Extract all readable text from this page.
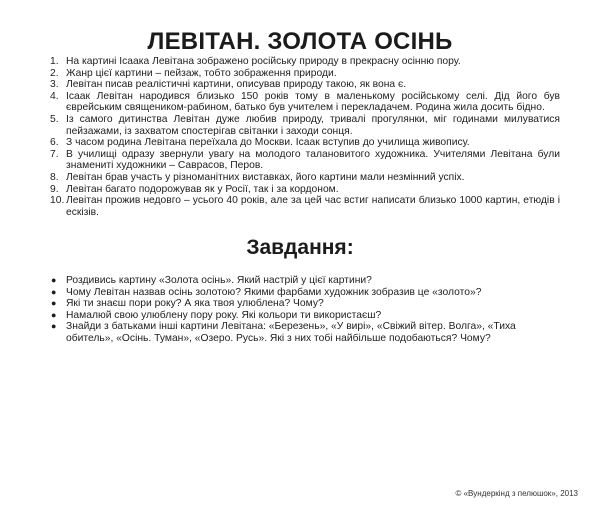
ЛЕВІТАН. ЗОЛОТА ОСІНЬ
1. На картині Ісаака Левітана зображено російську природу в прекрасну осінню пору.
2. Жанр цієї картини – пейзаж, тобто зображення природи.
3. Левітан писав реалістичні картини, описував природу такою, як вона є.
4. Ісаак Левітан народився близько 150 років тому в маленькому російському селі. Дід його був єврейським священиком-рабином, батько був учителем і перекладачем. Родина жила досить бідно.
5. Із самого дитинства Левітан дуже любив природу, тривалі прогулянки, міг годинами милуватися пейзажами, із захватом спостерігав світанки і заходи сонця.
6. З часом родина Левітана переїхала до Москви. Ісаак вступив до училища живопису.
7. В училищі одразу звернули увагу на молодого талановитого художника. Учителями Левітана були знамениті художники – Саврасов, Перов.
8. Левітан брав участь у різноманітних виставках, його картини мали незмінний успіх.
9. Левітан багато подорожував як у Росії, так і за кордоном.
10. Левітан прожив недовго – усього 40 років, але за цей час встиг написати близько 1000 картин, етюдів і ескізів.
Завдання:
● Роздивись картину «Золота осінь». Який настрій у цієї картини?
● Чому Левітан назвав осінь золотою? Якими фарбами художник зобразив це «золото»?
● Які ти знаєш пори року? А яка твоя улюблена? Чому?
● Намалюй свою улюблену пору року. Які кольори ти використаєш?
● Знайди з батьками інші картини Левітана: «Березень», «У вирі», «Свіжий вітер. Волга», «Тиха обитель», «Осінь. Туман», «Озеро. Русь». Які з них тобі найбільше подобаються? Чому?
© «Вундеркінд з пелюшок», 2013
